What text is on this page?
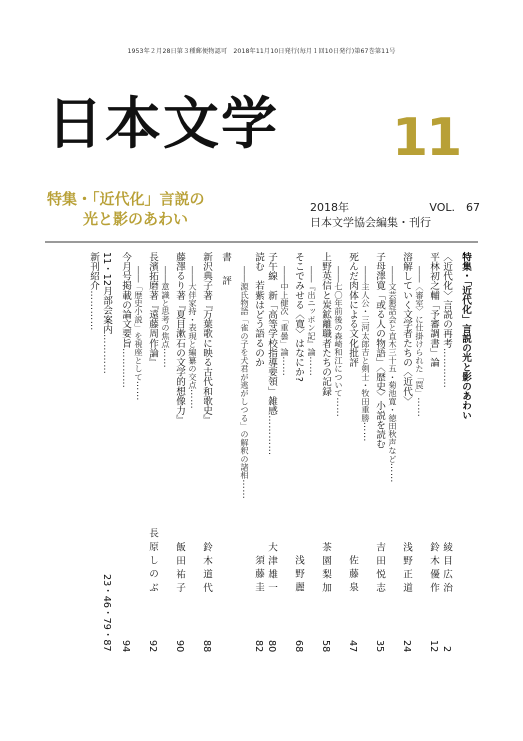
1953年２月28日第３種郵便物認可　2018年11月10日発行(毎月１回10日発行)第67巻第11号
日本文学 11
特集・「近代化」言説の
光と影のあわい
2018年	VOL.　67
日本文学協会編集・刊行
特集・「近代化」言説の光と影のあわい
〈近代化〉言説の再考…………
綾目広治
2
平林初之輔「予審調書」論
鈴木優作
12
――〈審室〉に仕掛けられた「罠」……
溶解していく文学者たちの〈近代〉
浅野正道
24
――文芸懇話会と直木三十五・菊池寛・徳田秋声など……
子母澤寛「或る人の物語」〈歴史〉小説を読む
吉田悦志
35
――主人公・三河太郎吉と剣士・牧田重勝……
死んだ肉体による文化批評
佐藤泉
47
――七〇年前後の森崎和江について……
上野英信と炭鉱離職者たちの記録
茶園梨加
58
――『出ニッポン記』論……
そこでみせる〈寛〉はなにか?
浅野麗
68
――中上健次「重曇」論……
子午線　新「高等学校指導要領」雑感…………
大津雄一
80
読む　若紫はどう語るのか
須藤圭
82
――源氏物語「雀の子を犬君が逃がしつる」の解釈の諸相……
書評
新沢典子著『万葉歌に映る古代和歌史』
鈴木道代
88
――大伴家持・表現と編纂の交点……
藤澤るり著『夏目漱石の文学的想像力』
飯田祐子
90
――意識と思考の焦点……
長濱拓磨著『遠藤周作論』
長原しのぶ
92
――「歴史小説」を視座として……
今月号掲載の論文要旨…………
94
11・12月部会案内…………
23・46・79・87
新刊紹介…………
